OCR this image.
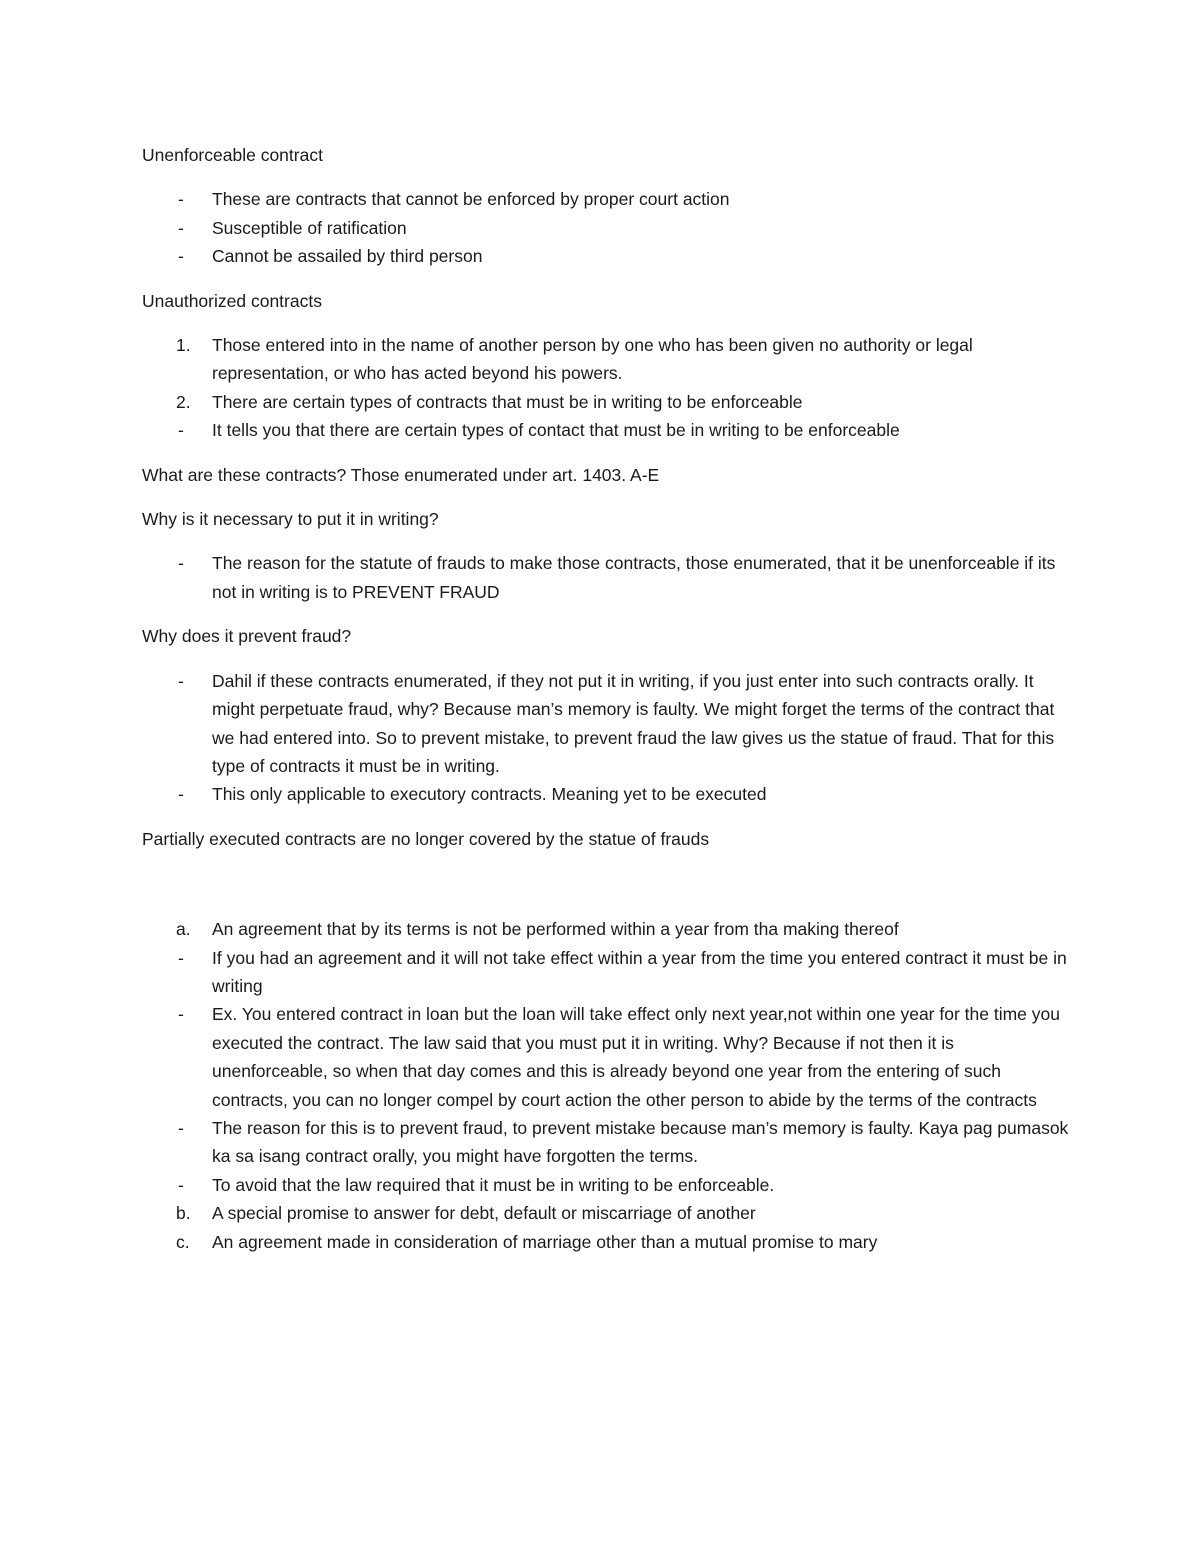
Unenforceable contract

- These are contracts that cannot be enforced by proper court action
- Susceptible of ratification
- Cannot be assailed by third person

Unauthorized contracts

1. Those entered into in the name of another person by one who has been given no authority or legal representation, or who has acted beyond his powers.
2. There are certain types of contracts that must be in writing to be enforceable
- It tells you that there are certain types of contact that must be in writing to be enforceable

What are these contracts? Those enumerated under art. 1403. A-E

Why is it necessary to put it in writing?

- The reason for the statute of frauds to make those contracts, those enumerated, that it be unenforceable if its not in writing is to PREVENT FRAUD

Why does it prevent fraud?

- Dahil if these contracts enumerated, if they not put it in writing, if you just enter into such contracts orally. It might perpetuate fraud, why? Because man’s memory is faulty. We might forget the terms of the contract that we had entered into. So to prevent mistake, to prevent fraud the law gives us the statue of fraud. That for this type of contracts it must be in writing.
- This only applicable to executory contracts. Meaning yet to be executed

Partially executed contracts are no longer covered by the statue of frauds

a. An agreement that by its terms is not be performed within a year from tha making thereof
- If you had an agreement and it will not take effect within a year from the time you entered contract it must be in writing
- Ex. You entered contract in loan but the loan will take effect only next year,not within one year for the time you executed the contract. The law said that you must put it in writing. Why? Because if not then it is unenforceable, so when that day comes and this is already beyond one year from the entering of such contracts, you can no longer compel by court action the other person to abide by the terms of the contracts
- The reason for this is to prevent fraud, to prevent mistake because man’s memory is faulty. Kaya pag pumasok ka sa isang contract orally, you might have forgotten the terms.
- To avoid that the law required that it must be in writing to be enforceable.
b. A special promise to answer for debt, default or miscarriage of another
c. An agreement made in consideration of marriage other than a mutual promise to mary
